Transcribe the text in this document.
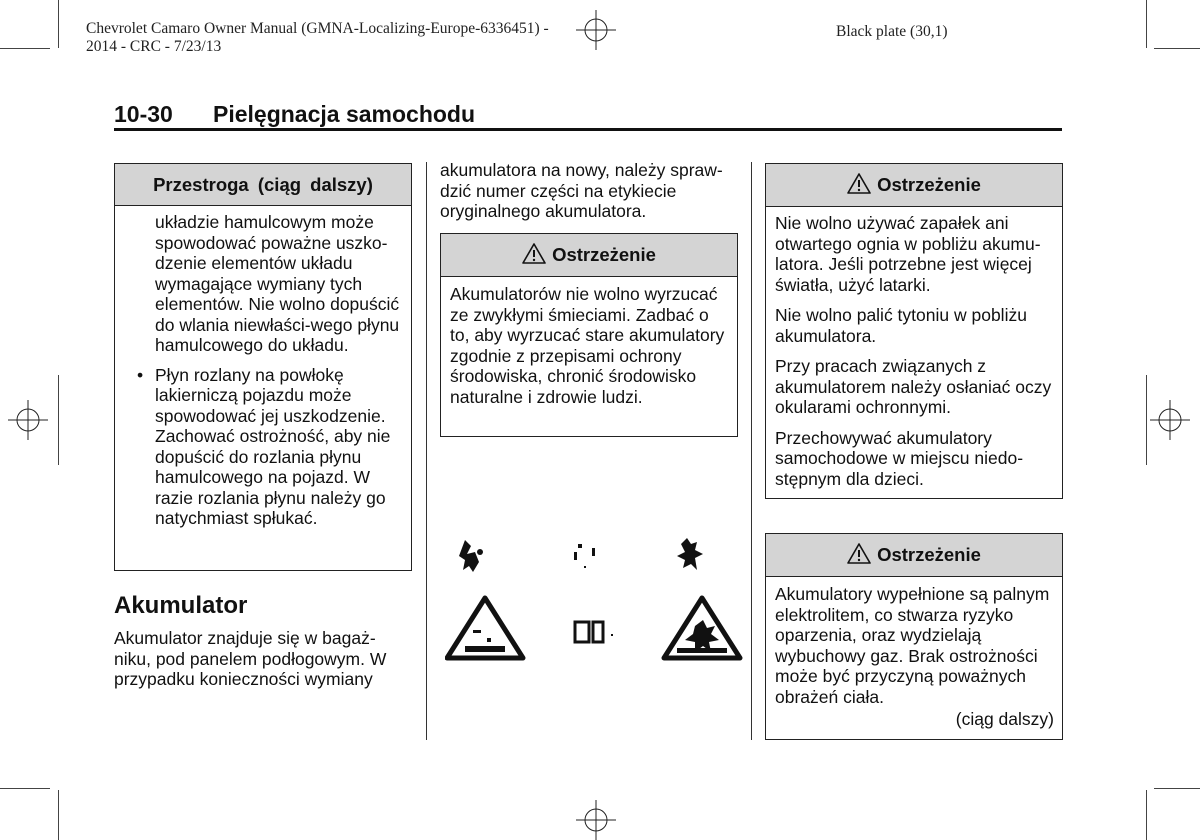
Chevrolet Camaro Owner Manual (GMNA-Localizing-Europe-6336451) -
2014 - CRC - 7/23/13
Black plate (30,1)
10-30 Pielęgnacja samochodu
Przestroga (ciąg dalszy)
układzie hamulcowym może spowodować poważne uszko-dzenie elementów układu wymagające wymiany tych elementów. Nie wolno dopuścić do wlania niewłaści-wego płynu hamulcowego do układu.
• Płyn rozlany na powłokę lakierniczą pojazdu może spowodować jej uszkodzenie. Zachować ostrożność, aby nie dopuścić do rozlania płynu hamulcowego na pojazd. W razie rozlania płynu należy go natychmiast spłukać.
Akumulator
Akumulator znajduje się w bagaż-niku, pod panelem podłogowym. W przypadku konieczności wymiany
akumulatora na nowy, należy spraw-dzić numer części na etykiecie oryginalnego akumulatora.
Ostrzeżenie
Akumulatorów nie wolno wyrzucać ze zwykłymi śmieciami. Zadbać o to, aby wyrzucać stare akumulatory zgodnie z przepisami ochrony środowiska, chronić środowisko naturalne i zdrowie ludzi.
Ostrzeżenie

Nie wolno używać zapałek ani otwartego ognia w pobliżu akumu-latora. Jeśli potrzebne jest więcej światła, użyć latarki.

Nie wolno palić tytoniu w pobliżu akumulatora.

Przy pracach związanych z akumulatorem należy osłaniać oczy okularami ochronnymi.

Przechowywać akumulatory samochodowe w miejscu niedo-stępnym dla dzieci.

Ostrzeżenie
Akumulatory wypełnione są palnym elektrolitem, co stwarza ryzyko oparzenia, oraz wydzielają wybuchowy gaz. Brak ostrożności może być przyczyną poważnych obrażeń ciała.
(ciąg dalszy)
